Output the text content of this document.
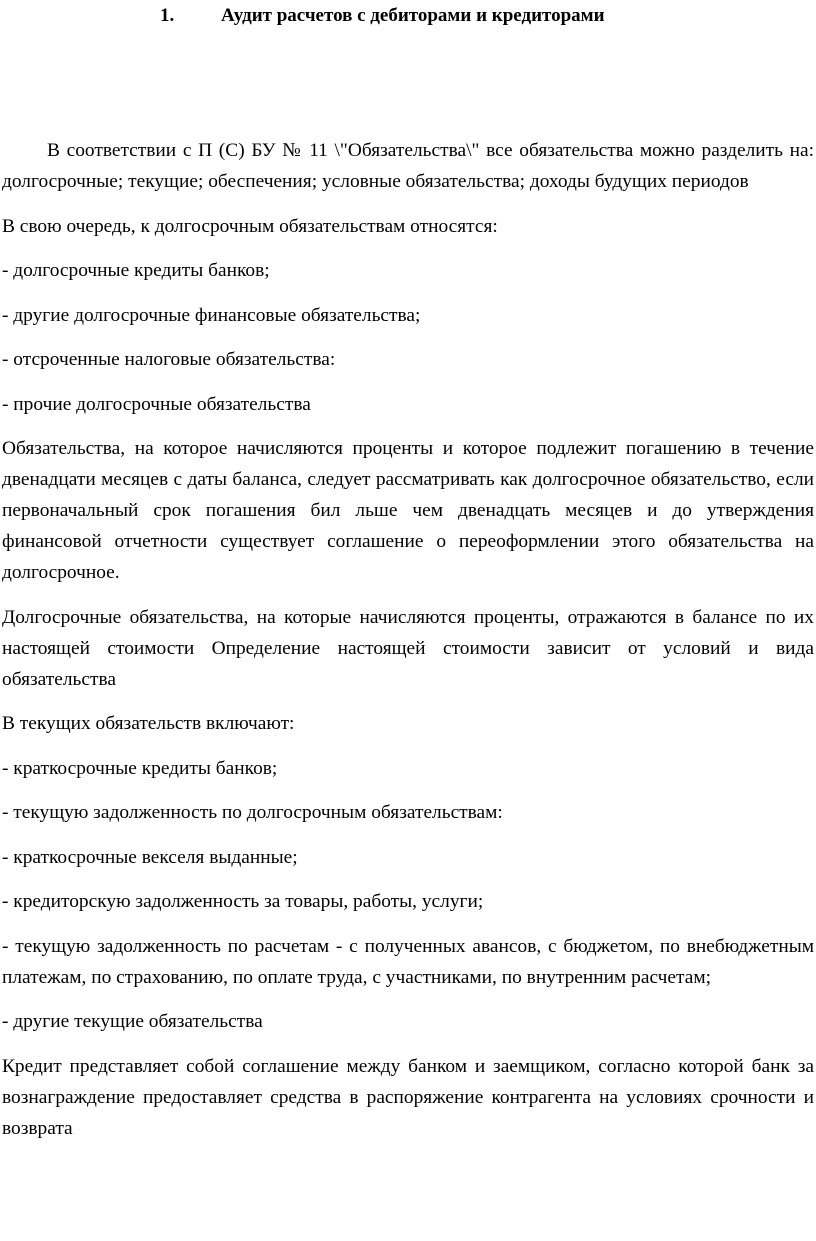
1. Аудит расчетов с дебиторами и кредиторами

В соответствии с П (С) БУ № 11 \"Обязательства\" все обязательства можно разделить на: долгосрочные; текущие; обеспечения; условные обязательства; доходы будущих периодов

В свою очередь, к долгосрочным обязательствам относятся:

- долгосрочные кредиты банков;

- другие долгосрочные финансовые обязательства;

- отсроченные налоговые обязательства:

- прочие долгосрочные обязательства

Обязательства, на которое начисляются проценты и которое подлежит погашению в течение двенадцати месяцев с даты баланса, следует рассматривать как долгосрочное обязательство, если первоначальный срок погашения бил льше чем двенадцать месяцев и до утверждения финансовой отчетности существует соглашение о переоформлении этого обязательства на долгосрочное.

Долгосрочные обязательства, на которые начисляются проценты, отражаются в балансе по их настоящей стоимости Определение настоящей стоимости зависит от условий и вида обязательства

В текущих обязательств включают:

- краткосрочные кредиты банков;

- текущую задолженность по долгосрочным обязательствам:

- краткосрочные векселя выданные;

- кредиторскую задолженность за товары, работы, услуги;

- текущую задолженность по расчетам - с полученных авансов, с бюджетом, по внебюджетным платежам, по страхованию, по оплате труда, с участниками, по внутренним расчетам;

- другие текущие обязательства

Кредит представляет собой соглашение между банком и заемщиком, согласно которой банк за вознаграждение предоставляет средства в распоряжение контрагента на условиях срочности и возврата
